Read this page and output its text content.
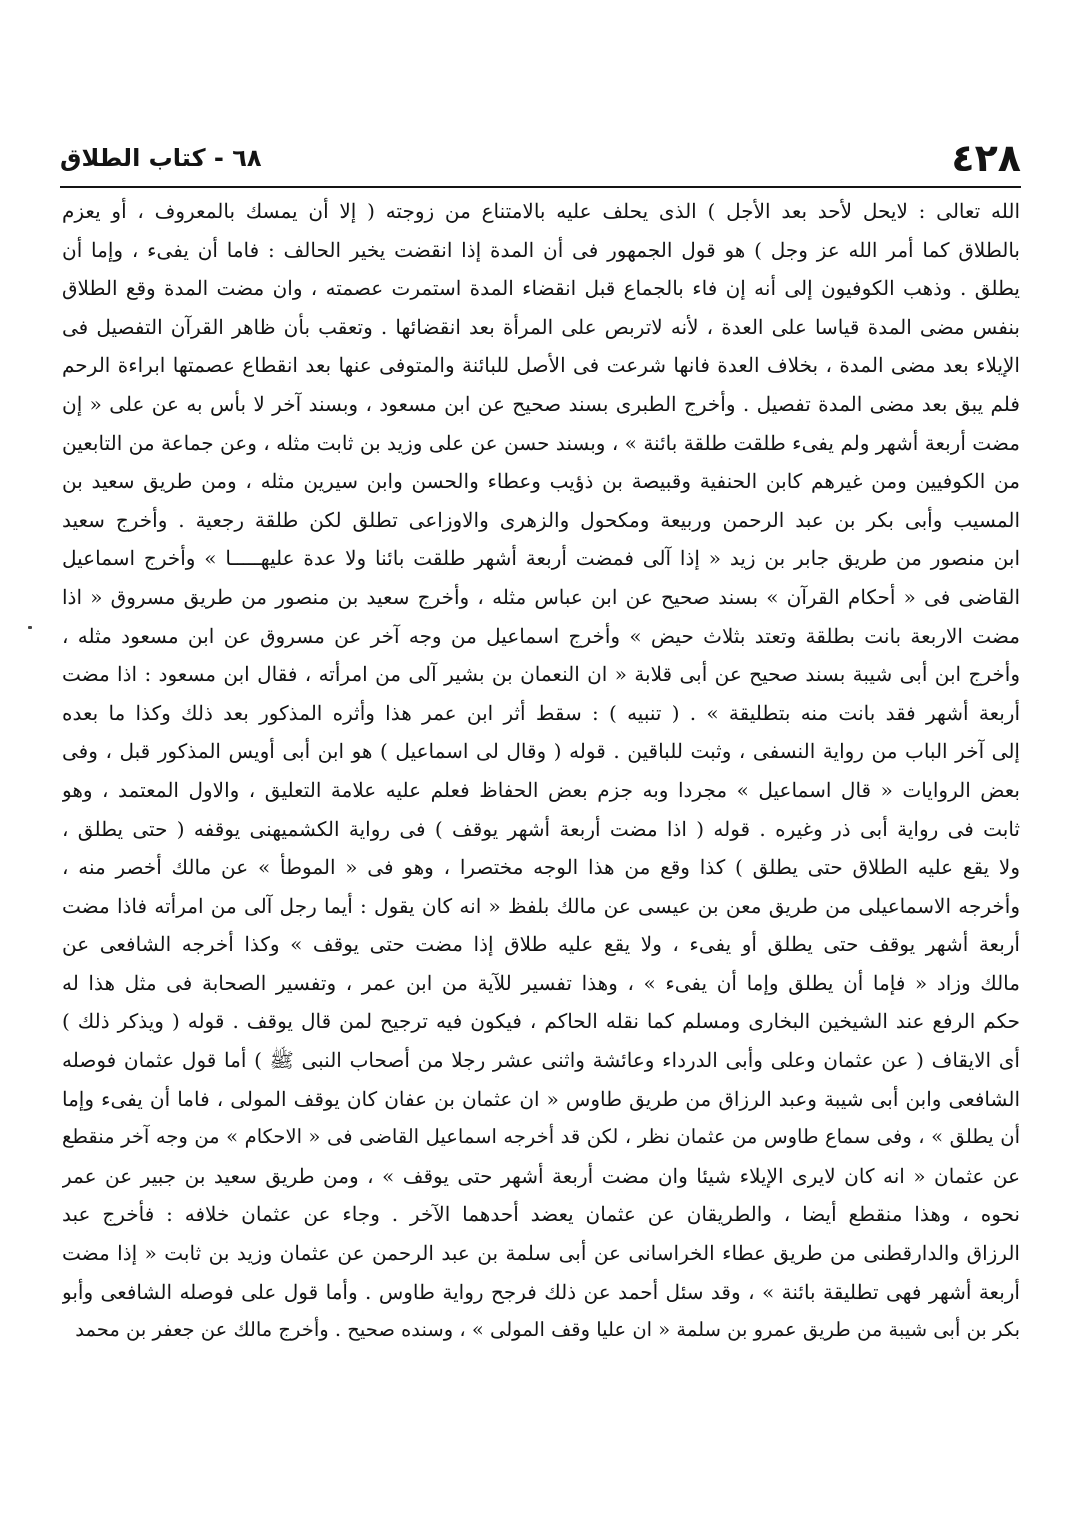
٤٢٨
٦٨ - كتاب الطلاق
الله تعالى : لايحل لأحد بعد الأجل ) الذى يحلف عليه بالامتناع من زوجته ( إلا أن يمسك بالمعروف ، أو يعزم
بالطلاق كما أمر الله عز وجل ) هو قول الجمهور فى أن المدة إذا انقضت يخير الحالف : فاما أن يفىء ، وإما أن
يطلق . وذهب الكوفيون إلى أنه إن فاء بالجماع قبل انقضاء المدة استمرت عصمته ، وان مضت المدة وقع الطلاق
بنفس مضى المدة قياسا على العدة ، لأنه لاتربص على المرأة بعد انقضائها . وتعقب بأن ظاهر القرآن التفصيل فى
الإيلاء بعد مضى المدة ، بخلاف العدة فانها شرعت فى الأصل للبائنة والمتوفى عنها بعد انقطاع عصمتها ابراءة الرحم
فلم يبق بعد مضى المدة تفصيل . وأخرج الطبرى بسند صحيح عن ابن مسعود ، وبسند آخر لا بأس به عن على « إن
مضت أربعة أشهر ولم يفىء طلقت طلقة بائنة » ، وبسند حسن عن على وزيد بن ثابت مثله ، وعن جماعة من التابعين
من الكوفيين ومن غيرهم كابن الحنفية وقبيصة بن ذؤيب وعطاء والحسن وابن سيرين مثله ، ومن طريق سعيد بن
المسيب وأبى بكر بن عبد الرحمن وربيعة ومكحول والزهرى والاوزاعى تطلق لكن طلقة رجعية . وأخرج سعيد
ابن منصور من طريق جابر بن زيد « إذا آلى فمضت أربعة أشهر طلقت بائنا ولا عدة عليهـــــا » وأخرج اسماعيل
القاضى فى « أحكام القرآن » بسند صحيح عن ابن عباس مثله ، وأخرج سعيد بن منصور من طريق مسروق « اذا
مضت الاربعة بانت بطلقة وتعتد بثلاث حيض » وأخرج اسماعيل من وجه آخر عن مسروق عن ابن مسعود مثله ،
وأخرج ابن أبى شيبة بسند صحيح عن أبى قلابة « ان النعمان بن بشير آلى من امرأته ، فقال ابن مسعود : اذا مضت
أربعة أشهر فقد بانت منه بتطليقة » . ( تنبيه ) : سقط أثر ابن عمر هذا وأثره المذكور بعد ذلك وكذا ما بعده
إلى آخر الباب من رواية النسفى ، وثبت للباقين . قوله ( وقال لى اسماعيل ) هو ابن أبى أويس المذكور قبل ، وفى
بعض الروايات « قال اسماعيل » مجردا وبه جزم بعض الحفاظ فعلم عليه علامة التعليق ، والاول المعتمد ، وهو
ثابت فى رواية أبى ذر وغيره . قوله ( اذا مضت أربعة أشهر يوقف ) فى رواية الكشميهنى يوقفه ( حتى يطلق ،
ولا يقع عليه الطلاق حتى يطلق ) كذا وقع من هذا الوجه مختصرا ، وهو فى « الموطأ » عن مالك أخصر منه ،
وأخرجه الاسماعيلى من طريق معن بن عيسى عن مالك بلفظ « انه كان يقول : أيما رجل آلى من امرأته فاذا مضت
أربعة أشهر يوقف حتى يطلق أو يفىء ، ولا يقع عليه طلاق إذا مضت حتى يوقف » وكذا أخرجه الشافعى عن
مالك وزاد « فإما أن يطلق وإما أن يفىء » ، وهذا تفسير للآية من ابن عمر ، وتفسير الصحابة فى مثل هذا له
حكم الرفع عند الشيخين البخارى ومسلم كما نقله الحاكم ، فيكون فيه ترجيح لمن قال يوقف . قوله ( ويذكر ذلك )
أى الايقاف ( عن عثمان وعلى وأبى الدرداء وعائشة واثنى عشر رجلا من أصحاب النبى ﷺ ) أما قول عثمان فوصله
الشافعى وابن أبى شيبة وعبد الرزاق من طريق طاوس « ان عثمان بن عفان كان يوقف المولى ، فاما أن يفىء وإما
أن يطلق » ، وفى سماع طاوس من عثمان نظر ، لكن قد أخرجه اسماعيل القاضى فى « الاحكام » من وجه آخر منقطع
عن عثمان « انه كان لايرى الإيلاء شيئا وان مضت أربعة أشهر حتى يوقف » ، ومن طريق سعيد بن جبير عن عمر
نحوه ، وهذا منقطع أيضا ، والطريقان عن عثمان يعضد أحدهما الآخر . وجاء عن عثمان خلافه : فأخرج عبد
الرزاق والدارقطنى من طريق عطاء الخراسانى عن أبى سلمة بن عبد الرحمن عن عثمان وزيد بن ثابت « إذا مضت
أربعة أشهر فهى تطليقة بائنة » ، وقد سئل أحمد عن ذلك فرجح رواية طاوس . وأما قول على فوصله الشافعى وأبو
بكر بن أبى شيبة من طريق عمرو بن سلمة « ان عليا وقف المولى » ، وسنده صحيح . وأخرج مالك عن جعفر بن محمد
